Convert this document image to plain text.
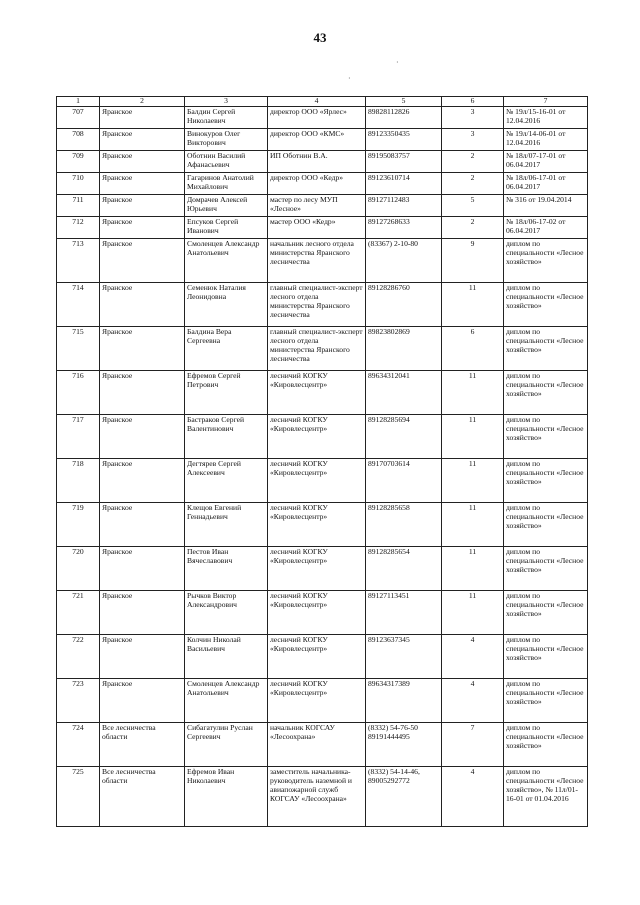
43
1	2	3	4	5	6	7
707	Яранское	Балдин Сергей Николаевич	директор ООО «Ярлес»	89828112826	3	№ 19л/15-16-01 от 12.04.2016
708	Яранское	Винокуров Олег Викторович	директор ООО «КМС»	89123350435	3	№ 19л/14-06-01 от 12.04.2016
709	Яранское	Оботнин Василий Афанасьевич	ИП Оботнин В.А.	89195083757	2	№ 18л/07-17-01 от 06.04.2017
710	Яранское	Гагаринов Анатолий Михайлович	директор ООО «Кедр»	89123610714	2	№ 18л/06-17-01 от 06.04.2017
711	Яранское	Домрачев Алексей Юрьевич	мастер по лесу МУП «Лесное»	89127112483	5	№ 316 от 19.04.2014
712	Яранское	Епсуков Сергей Иванович	мастер ООО «Кедр»	89127268633	2	№ 18л/06-17-02 от 06.04.2017
713	Яранское	Смоленцев Александр Анатольевич	начальник лесного отдела министерства Яранского лесничества	(83367) 2-10-80	9	диплом по специальности «Лесное хозяйство»
714	Яранское	Семенюк Наталия Леонидовна	главный специалист-эксперт лесного отдела министерства Яранского лесничества	89128286760	11	диплом по специальности «Лесное хозяйство»
715	Яранское	Балдина Вера Сергеевна	главный специалист-эксперт лесного отдела министерства Яранского лесничества	89823802869	6	диплом по специальности «Лесное хозяйство»
716	Яранское	Ефремов Сергей Петрович	лесничий КОГКУ «Кировлесцентр»	89634312041	11	диплом по специальности «Лесное хозяйство»
717	Яранское	Бастраков Сергей Валентинович	лесничий КОГКУ «Кировлесцентр»	89128285694	11	диплом по специальности «Лесное хозяйство»
718	Яранское	Дегтярев Сергей Алексеевич	лесничий КОГКУ «Кировлесцентр»	89170703614	11	диплом по специальности «Лесное хозяйство»
719	Яранское	Клещов Евгений Геннадьевич	лесничий КОГКУ «Кировлесцентр»	89128285658	11	диплом по специальности «Лесное хозяйство»
720	Яранское	Пестов Иван Вячеславович	лесничий КОГКУ «Кировлесцентр»	89128285654	11	диплом по специальности «Лесное хозяйство»
721	Яранское	Рычков Виктор Александрович	лесничий КОГКУ «Кировлесцентр»	89127113451	11	диплом по специальности «Лесное хозяйство»
722	Яранское	Колчин Николай Васильевич	лесничий КОГКУ «Кировлесцентр»	89123637345	4	диплом по специальности «Лесное хозяйство»
723	Яранское	Смоленцев Александр Анатольевич	лесничий КОГКУ «Кировлесцентр»	89634317389	4	диплом по специальности «Лесное хозяйство»
724	Все лесничества области	Сибагатулин Руслан Сергеевич	начальник КОГСАУ «Лесоохрана»	(8332) 54-76-50 89191444495	7	диплом по специальности «Лесное хозяйство»
725	Все лесничества области	Ефремов Иван Николаевич	заместитель начальника-руководитель наземной и авиапожарной служб КОГСАУ «Лесоохрана»	(8332) 54-14-46, 89005292772	4	диплом по специальности «Лесное хозяйство», № 11л/01-16-01 от 01.04.2016
·
·
